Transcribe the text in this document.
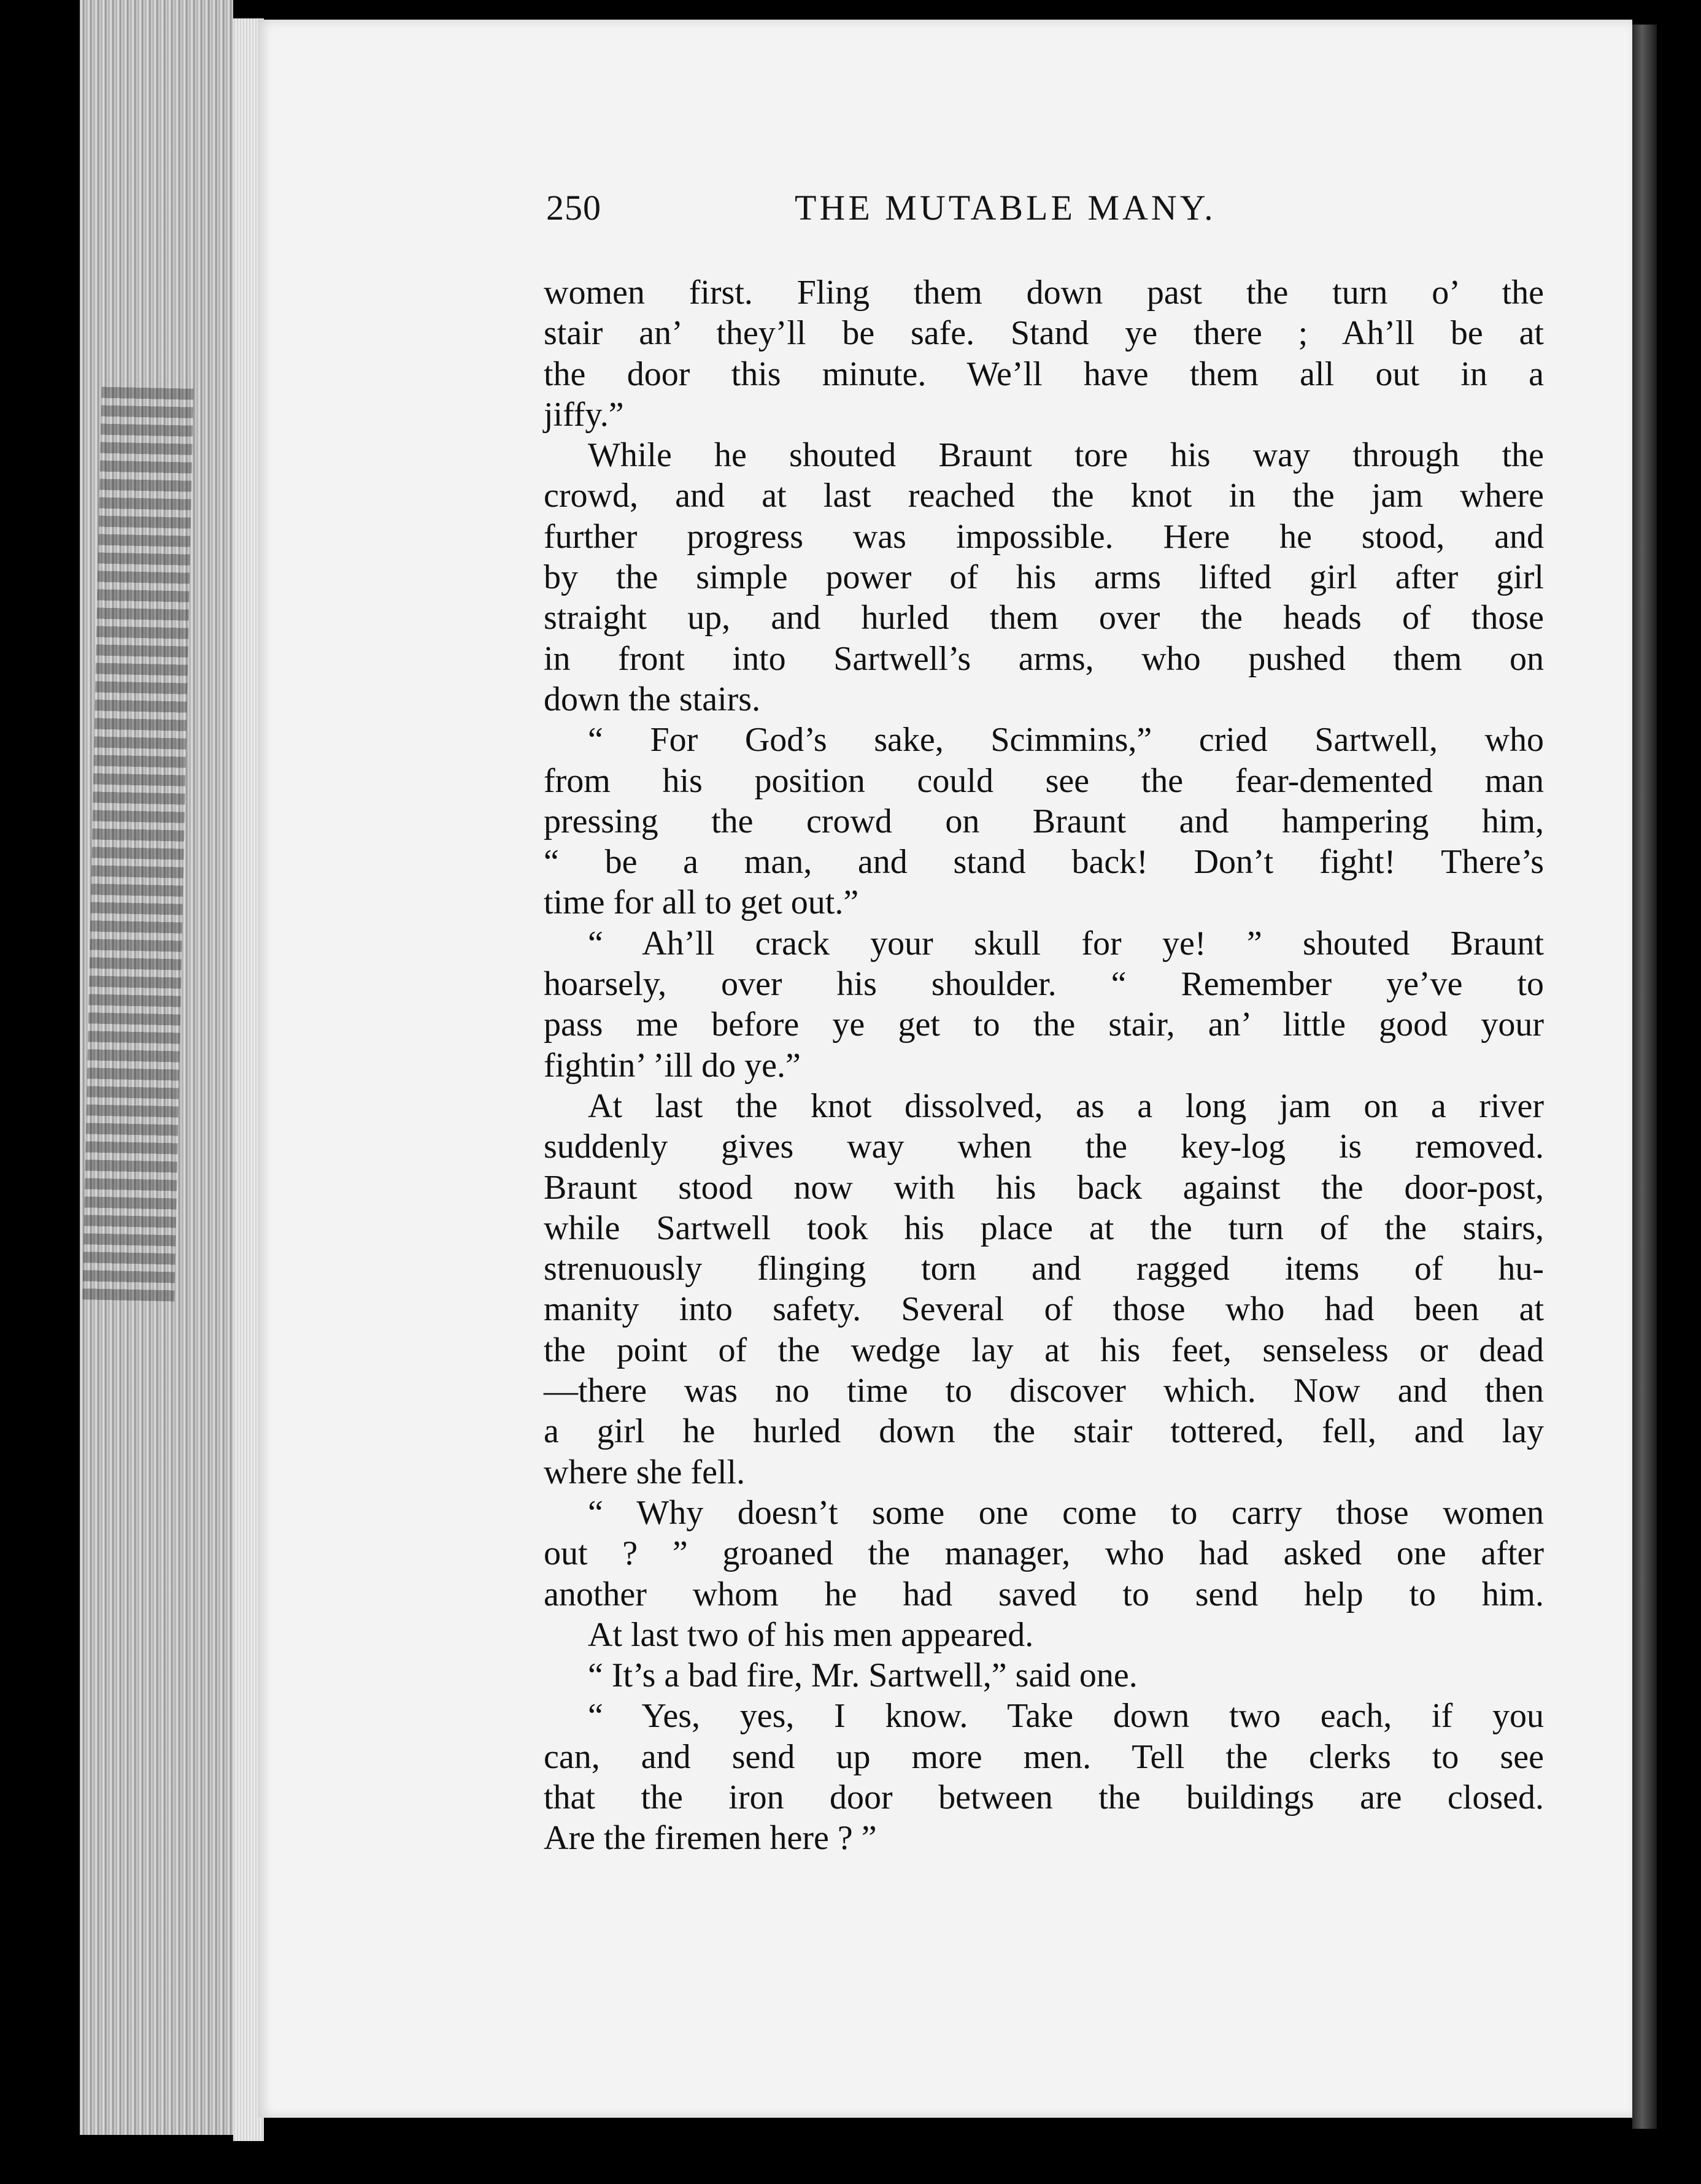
250	THE MUTABLE MANY.
women first. Fling them down past the turn o’ the
stair an’ they’ll be safe. Stand ye there ; Ah’ll be at
the door this minute. We’ll have them all out in a
jiffy.”
While he shouted Braunt tore his way through the
crowd, and at last reached the knot in the jam where
further progress was impossible. Here he stood, and
by the simple power of his arms lifted girl after girl
straight up, and hurled them over the heads of those
in front into Sartwell’s arms, who pushed them on
down the stairs.
“ For God’s sake, Scimmins,” cried Sartwell, who
from his position could see the fear-demented man
pressing the crowd on Braunt and hampering him,
“ be a man, and stand back! Don’t fight! There’s
time for all to get out.”
“ Ah’ll crack your skull for ye! ” shouted Braunt
hoarsely, over his shoulder. “ Remember ye’ve to
pass me before ye get to the stair, an’ little good your
fightin’ ’ill do ye.”
At last the knot dissolved, as a long jam on a river
suddenly gives way when the key-log is removed.
Braunt stood now with his back against the door-post,
while Sartwell took his place at the turn of the stairs,
strenuously flinging torn and ragged items of hu-
manity into safety. Several of those who had been at
the point of the wedge lay at his feet, senseless or dead
—there was no time to discover which. Now and then
a girl he hurled down the stair tottered, fell, and lay
where she fell.
“ Why doesn’t some one come to carry those women
out ? ” groaned the manager, who had asked one after
another whom he had saved to send help to him.
At last two of his men appeared.
“ It’s a bad fire, Mr. Sartwell,” said one.
“ Yes, yes, I know. Take down two each, if you
can, and send up more men. Tell the clerks to see
that the iron door between the buildings are closed.
Are the firemen here ? ”
